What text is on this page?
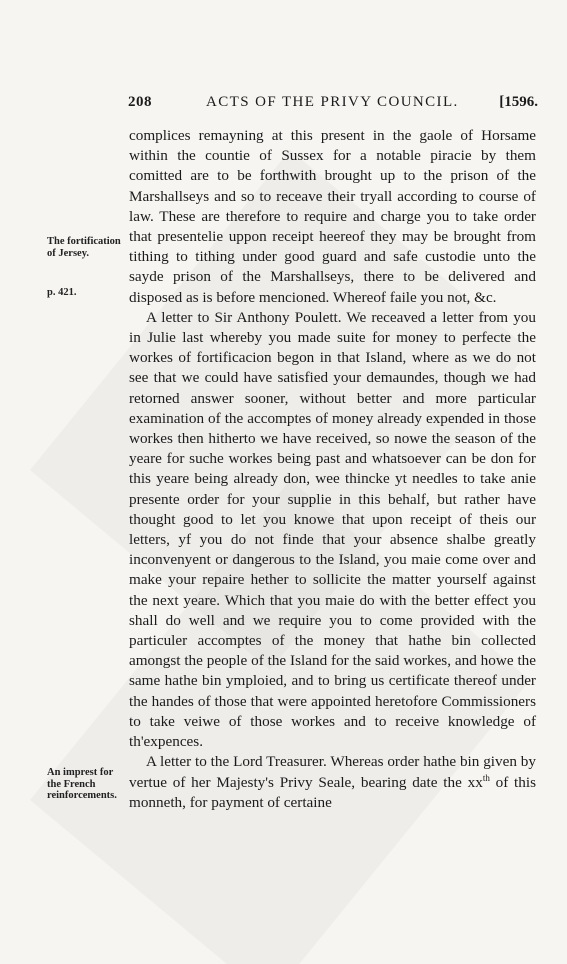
208	ACTS OF THE PRIVY COUNCIL.	[1596.
The fortification of Jersey.
p. 421.
An imprest for the French reinforcements.

complices remayning at this present in the gaole of Horsame within the countie of Sussex for a notable piracie by them comitted are to be forthwith brought up to the prison of the Marshallseys and so to receave their tryall according to course of law. These are therefore to require and charge you to take order that presentelie uppon receipt heereof they may be brought from tithing to tithing under good guard and safe custodie unto the sayde prison of the Marshallseys, there to be delivered and disposed as is before mencioned. Whereof faile you not, &c.

A letter to Sir Anthony Poulett. We receaved a letter from you in Julie last whereby you made suite for money to perfecte the workes of fortificacion begon in that Island, where as we do not see that we could have satisfied your demaundes, though we had retorned answer sooner, without better and more particular examination of the accomptes of money already expended in those workes then hitherto we have received, so nowe the season of the yeare for suche workes being past and whatsoever can be don for this yeare being already don, wee thincke yt needles to take anie presente order for your supplie in this behalf, but rather have thought good to let you knowe that upon receipt of theis our letters, yf you do not finde that your absence shalbe greatly inconvenyent or dangerous to the Island, you maie come over and make your repaire hether to sollicite the matter yourself against the next yeare. Which that you maie do with the better effect you shall do well and we require you to come provided with the particuler accomptes of the money that hathe bin collected amongst the people of the Island for the said workes, and howe the same hathe bin ymploied, and to bring us certificate thereof under the handes of those that were appointed heretofore Commissioners to take veiwe of those workes and to receive knowledge of th'expences.

A letter to the Lord Treasurer. Whereas order hathe bin given by vertue of her Majesty's Privy Seale, bearing date the $xx^{th}$ of this monneth, for payment of certaine
